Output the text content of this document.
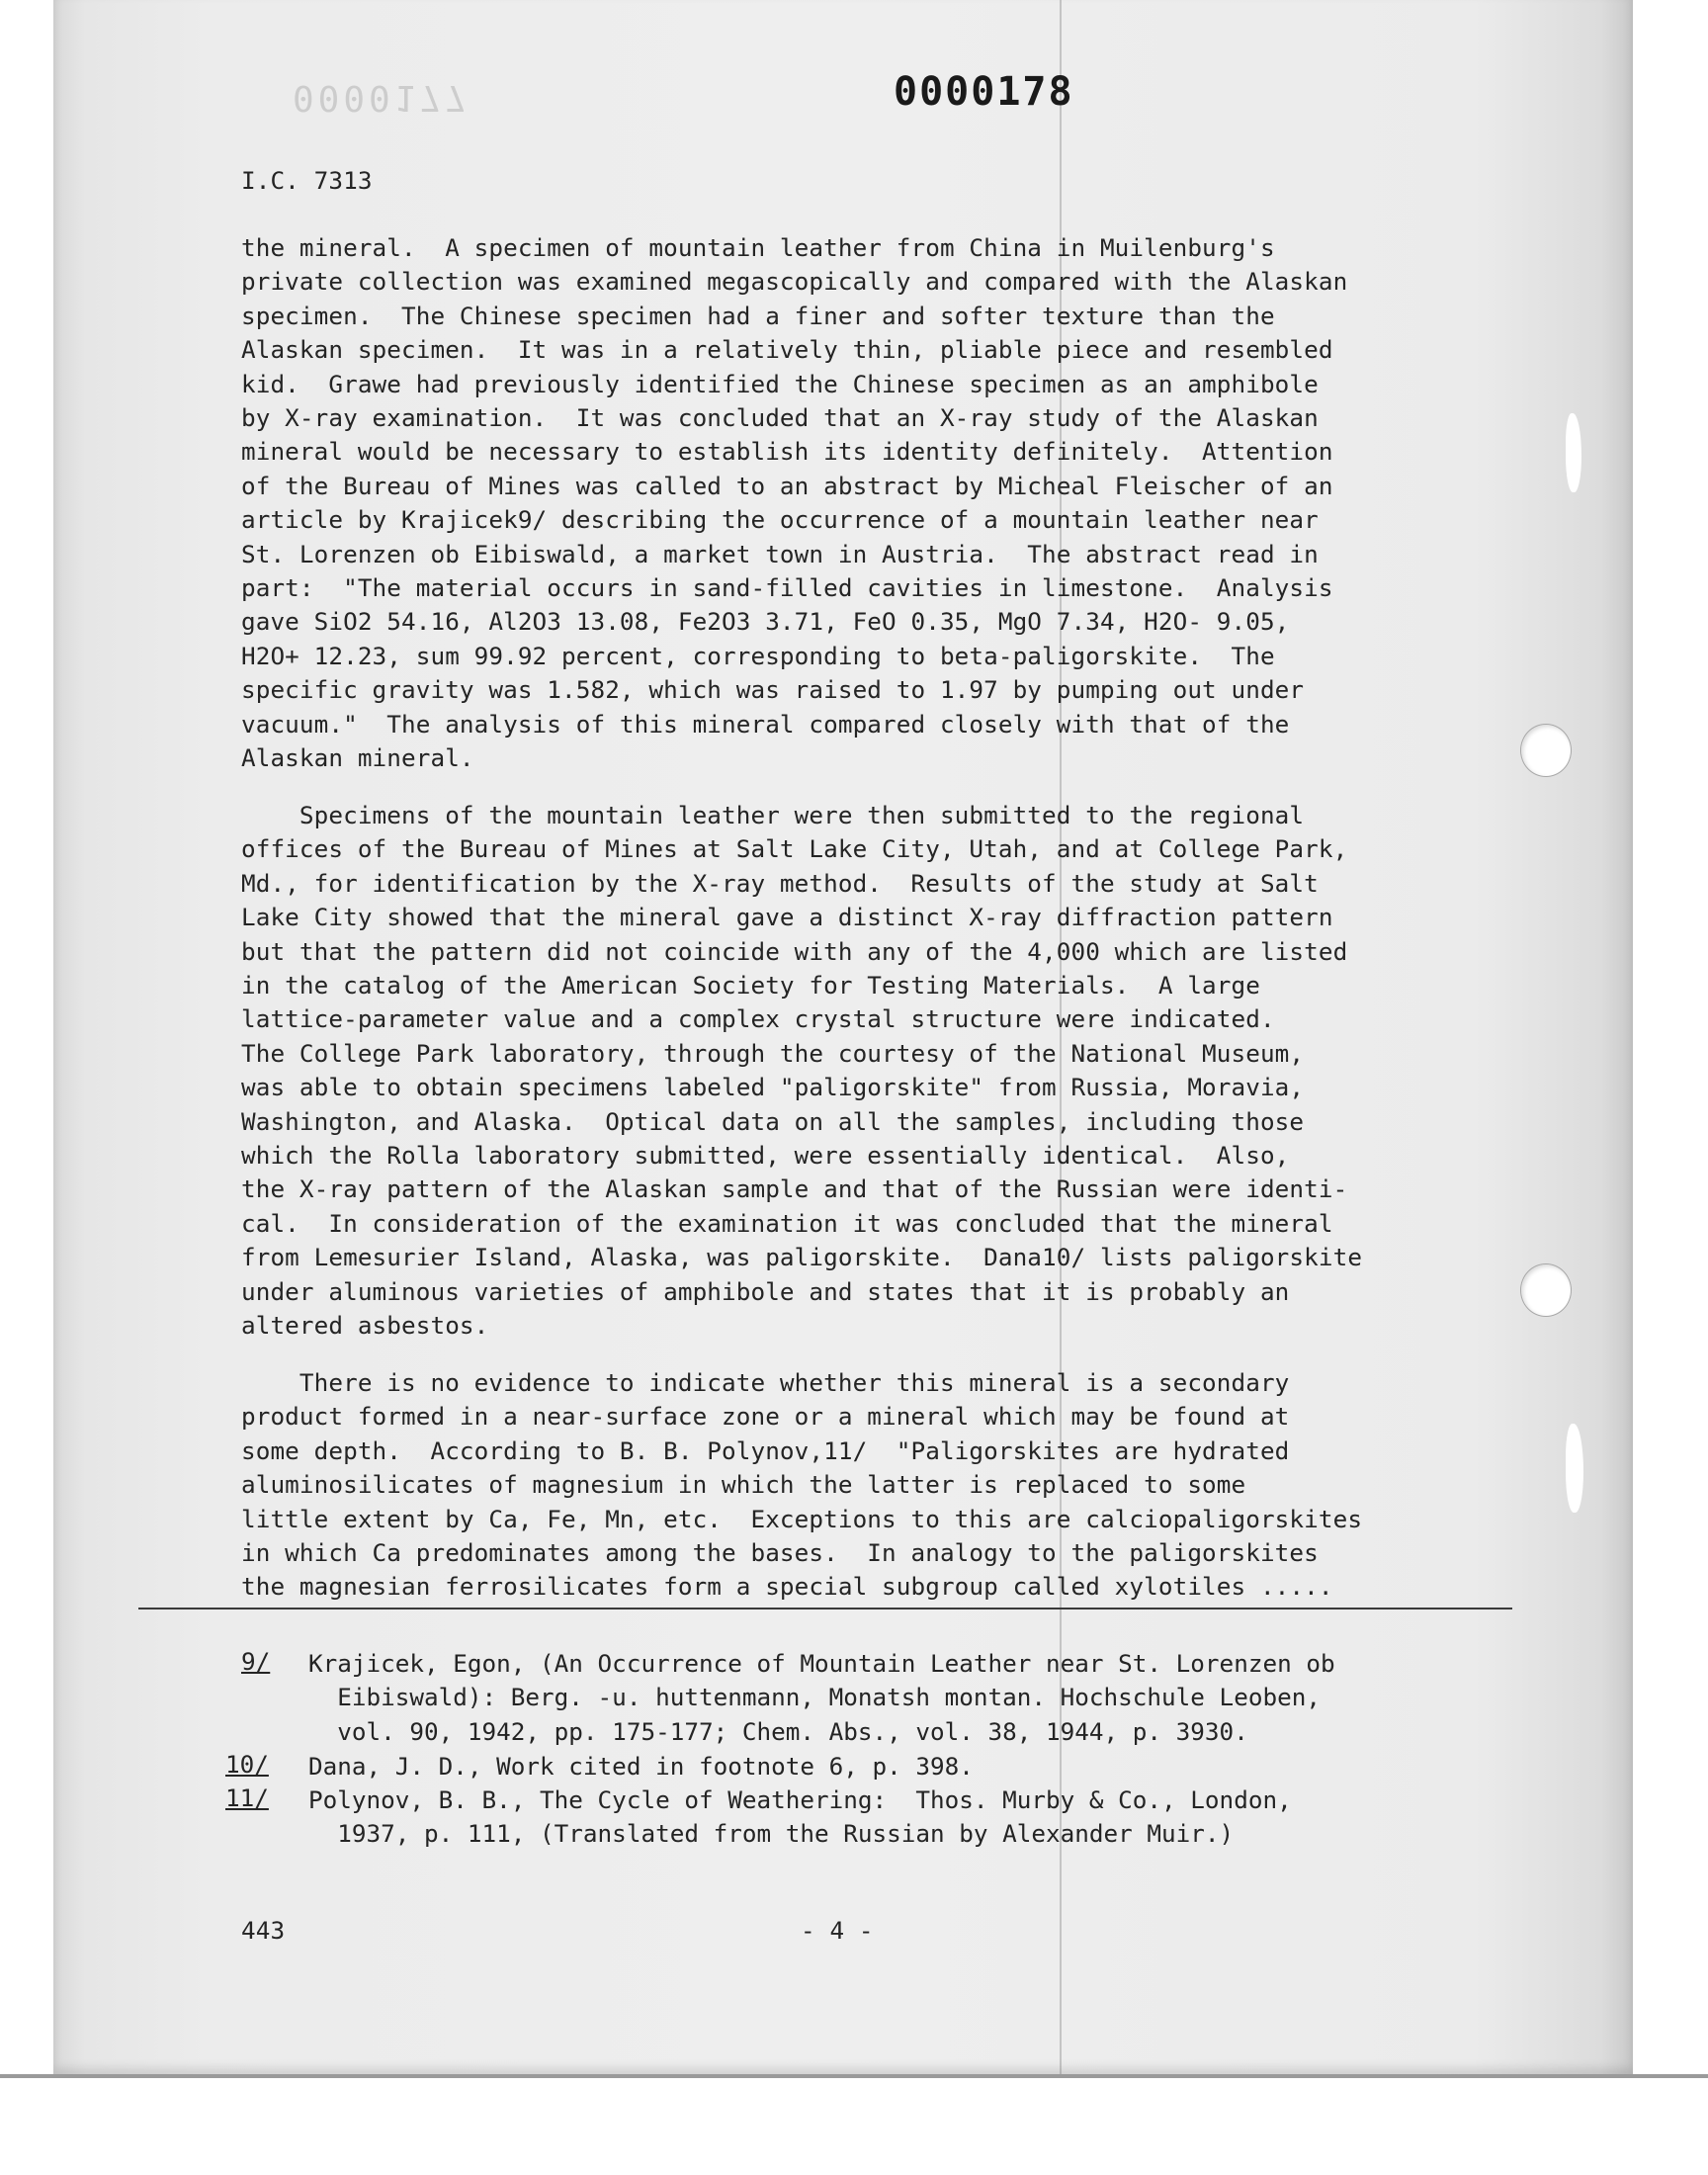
0000177	0000178
I.C. 7313
the mineral.  A specimen of mountain leather from China in Muilenburg's
private collection was examined megascopically and compared with the Alaskan
specimen.  The Chinese specimen had a finer and softer texture than the
Alaskan specimen.  It was in a relatively thin, pliable piece and resembled
kid.  Grawe had previously identified the Chinese specimen as an amphibole
by X-ray examination.  It was concluded that an X-ray study of the Alaskan
mineral would be necessary to establish its identity definitely.  Attention
of the Bureau of Mines was called to an abstract by Micheal Fleischer of an
article by Krajicek9/ describing the occurrence of a mountain leather near
St. Lorenzen ob Eibiswald, a market town in Austria.  The abstract read in
part:  "The material occurs in sand-filled cavities in limestone.  Analysis
gave SiO2 54.16, Al2O3 13.08, Fe2O3 3.71, FeO 0.35, MgO 7.34, H2O- 9.05,
H2O+ 12.23, sum 99.92 percent, corresponding to beta-paligorskite.  The
specific gravity was 1.582, which was raised to 1.97 by pumping out under
vacuum."  The analysis of this mineral compared closely with that of the
Alaskan mineral.
Specimens of the mountain leather were then submitted to the regional
offices of the Bureau of Mines at Salt Lake City, Utah, and at College Park,
Md., for identification by the X-ray method.  Results of the study at Salt
Lake City showed that the mineral gave a distinct X-ray diffraction pattern
but that the pattern did not coincide with any of the 4,000 which are listed
in the catalog of the American Society for Testing Materials.  A large
lattice-parameter value and a complex crystal structure were indicated.
The College Park laboratory, through the courtesy of the National Museum,
was able to obtain specimens labeled "paligorskite" from Russia, Moravia,
Washington, and Alaska.  Optical data on all the samples, including those
which the Rolla laboratory submitted, were essentially identical.  Also,
the X-ray pattern of the Alaskan sample and that of the Russian were identi-
cal.  In consideration of the examination it was concluded that the mineral
from Lemesurier Island, Alaska, was paligorskite.  Dana10/ lists paligorskite
under aluminous varieties of amphibole and states that it is probably an
altered asbestos.
There is no evidence to indicate whether this mineral is a secondary
product formed in a near-surface zone or a mineral which may be found at
some depth.  According to B. B. Polynov,11/  "Paligorskites are hydrated
aluminosilicates of magnesium in which the latter is replaced to some
little extent by Ca, Fe, Mn, etc.  Exceptions to this are calciopaligorskites
in which Ca predominates among the bases.  In analogy to the paligorskites
the magnesian ferrosilicates form a special subgroup called xylotiles .....
9/ Krajicek, Egon, (An Occurrence of Mountain Leather near St. Lorenzen ob
Eibiswald): Berg. -u. huttenmann, Monatsh montan. Hochschule Leoben,
vol. 90, 1942, pp. 175-177; Chem. Abs., vol. 38, 1944, p. 3930.
10/ Dana, J. D., Work cited in footnote 6, p. 398.
11/ Polynov, B. B., The Cycle of Weathering:  Thos. Murby & Co., London,
1937, p. 111, (Translated from the Russian by Alexander Muir.)
443	- 4 -
